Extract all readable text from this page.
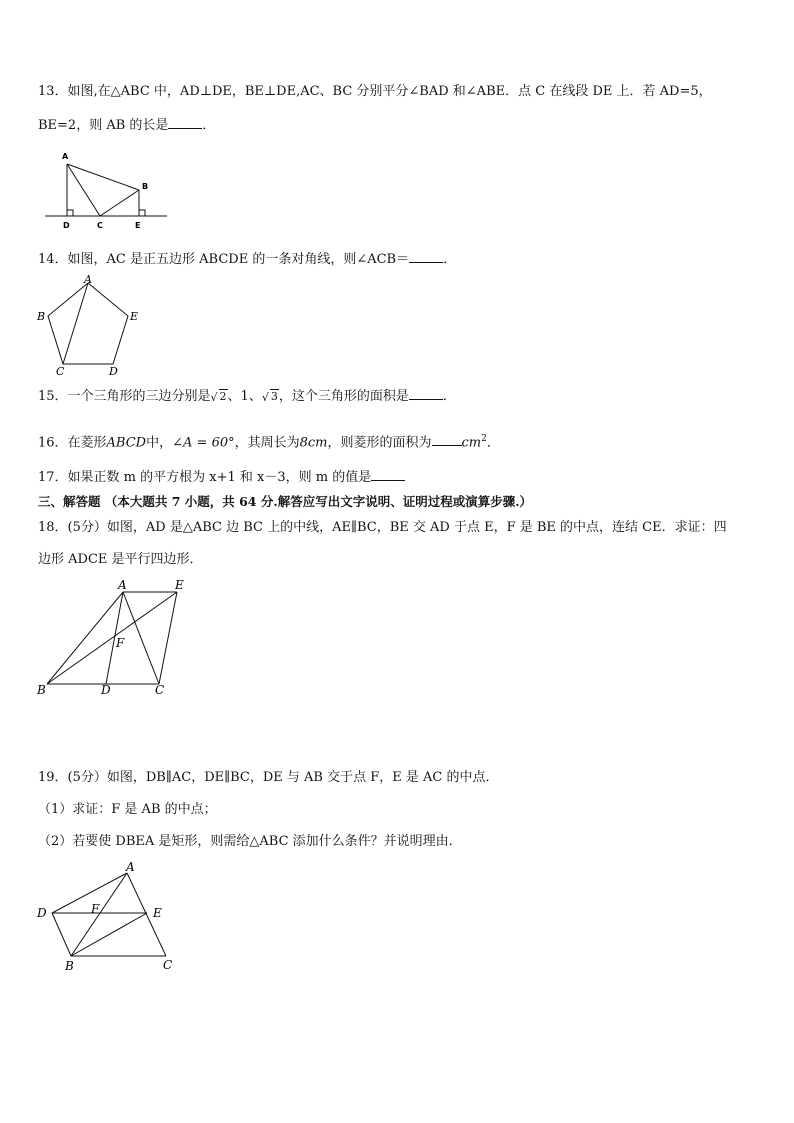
13．如图,在△ABC 中，AD⊥DE，BE⊥DE,AC、BC 分别平分∠BAD 和∠ABE．点 C 在线段 DE 上．若 AD=5，
BE=2，则 AB 的长是	．
A
B
C
D	E
14．如图，AC 是正五边形 ABCDE 的一条对角线，则∠ACB＝	．
A
B
C	D
E
15．一个三角形的三边分别是 √ 2、1、 √ 3，这个三角形的面积是	．
16．在菱形ABCD中，∠A = 60°，其周长为8cm，则菱形的面积为 $cm^2$．
17．如果正数 m 的平方根为 x+1 和 x－3，则 m 的值是
三、解答题 （本大题共 7 小题，共 64 分.解答应写出文字说明、证明过程或演算步骤.）
18．(5分）如图，AD 是△ABC 边 BC 上的中线，AE∥BC，BE 交 AD 于点 E，F 是 BE 的中点，连结 CE．求证：四
边形 ADCE 是平行四边形．
A	E
F
B	D	C
19．(5分）如图，DB∥AC，DE∥BC，DE 与 AB 交于点 F，E 是 AC 的中点．
（1）求证：F 是 AB 的中点；
（2）若要使 DBEA 是矩形，则需给△ABC 添加什么条件？并说明理由．
A
D	F	E
B	C
